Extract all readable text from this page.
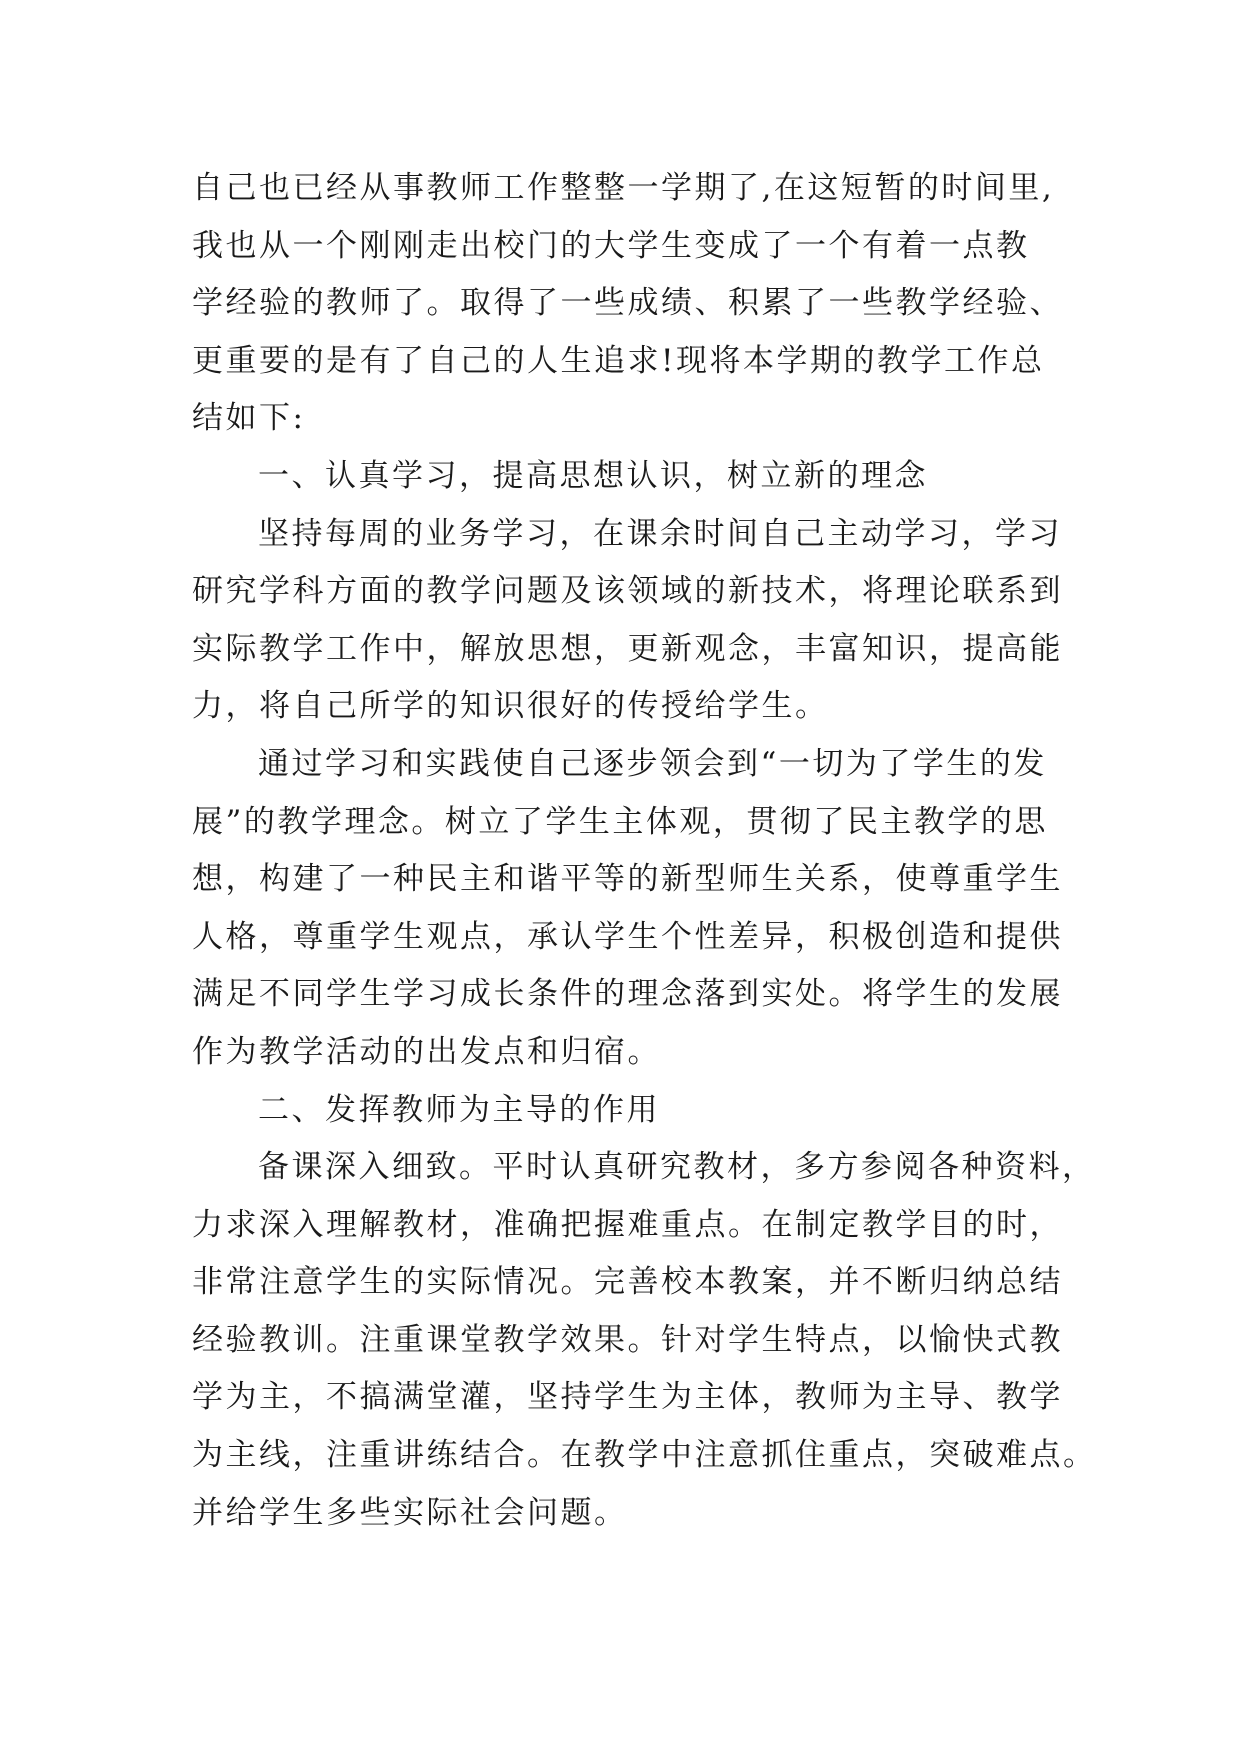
自己也已经从事教师工作整整一学期了,在这短暂的时间里,
我也从一个刚刚走出校门的大学生变成了一个有着一点教
学经验的教师了。取得了一些成绩、积累了一些教学经验、
更重要的是有了自己的人生追求!现将本学期的教学工作总
结如下:
一、认真学习，提高思想认识，树立新的理念
坚持每周的业务学习，在课余时间自己主动学习，学习
研究学科方面的教学问题及该领域的新技术，将理论联系到
实际教学工作中，解放思想，更新观念，丰富知识，提高能
力，将自己所学的知识很好的传授给学生。
通过学习和实践使自己逐步领会到“一切为了学生的发
展”的教学理念。树立了学生主体观，贯彻了民主教学的思
想，构建了一种民主和谐平等的新型师生关系，使尊重学生
人格，尊重学生观点，承认学生个性差异，积极创造和提供
满足不同学生学习成长条件的理念落到实处。将学生的发展
作为教学活动的出发点和归宿。
二、发挥教师为主导的作用
备课深入细致。平时认真研究教材，多方参阅各种资料，
力求深入理解教材，准确把握难重点。在制定教学目的时，
非常注意学生的实际情况。完善校本教案，并不断归纳总结
经验教训。注重课堂教学效果。针对学生特点，以愉快式教
学为主，不搞满堂灌，坚持学生为主体，教师为主导、教学
为主线，注重讲练结合。在教学中注意抓住重点，突破难点。
并给学生多些实际社会问题。
